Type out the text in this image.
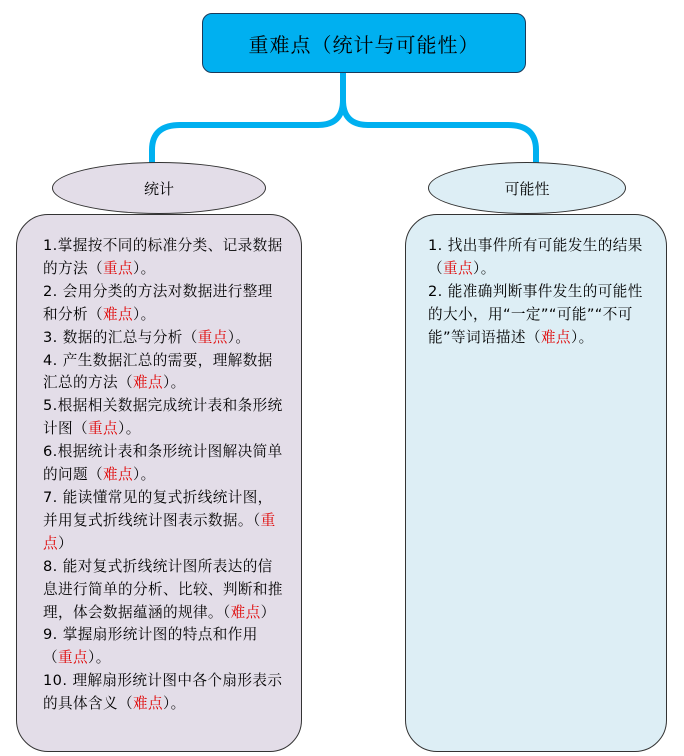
重难点（统计与可能性）

1.掌握按不同的标准分类、记录数据的方法（重点）。

2. 会用分类的方法对数据进行整理和分析（难点）。

3. 数据的汇总与分析（重点）。

4. 产生数据汇总的需要，理解数据汇总的方法（难点）。

5.根据相关数据完成统计表和条形统计图（重点）。

6.根据统计表和条形统计图解决简单的问题（难点）。

7. 能读懂常见的复式折线统计图，并用复式折线统计图表示数据。（重点）

8. 能对复式折线统计图所表达的信息进行简单的分析、比较、判断和推理，体会数据蕴涵的规律。（难点）

9. 掌握扇形统计图的特点和作用（重点）。

10. 理解扇形统计图中各个扇形表示的具体含义（难点）。

1. 找出事件所有可能发生的结果（重点）。

2. 能准确判断事件发生的可能性的大小，用“一定”“可能”“不可能”等词语描述（难点）。

统计	可能性
